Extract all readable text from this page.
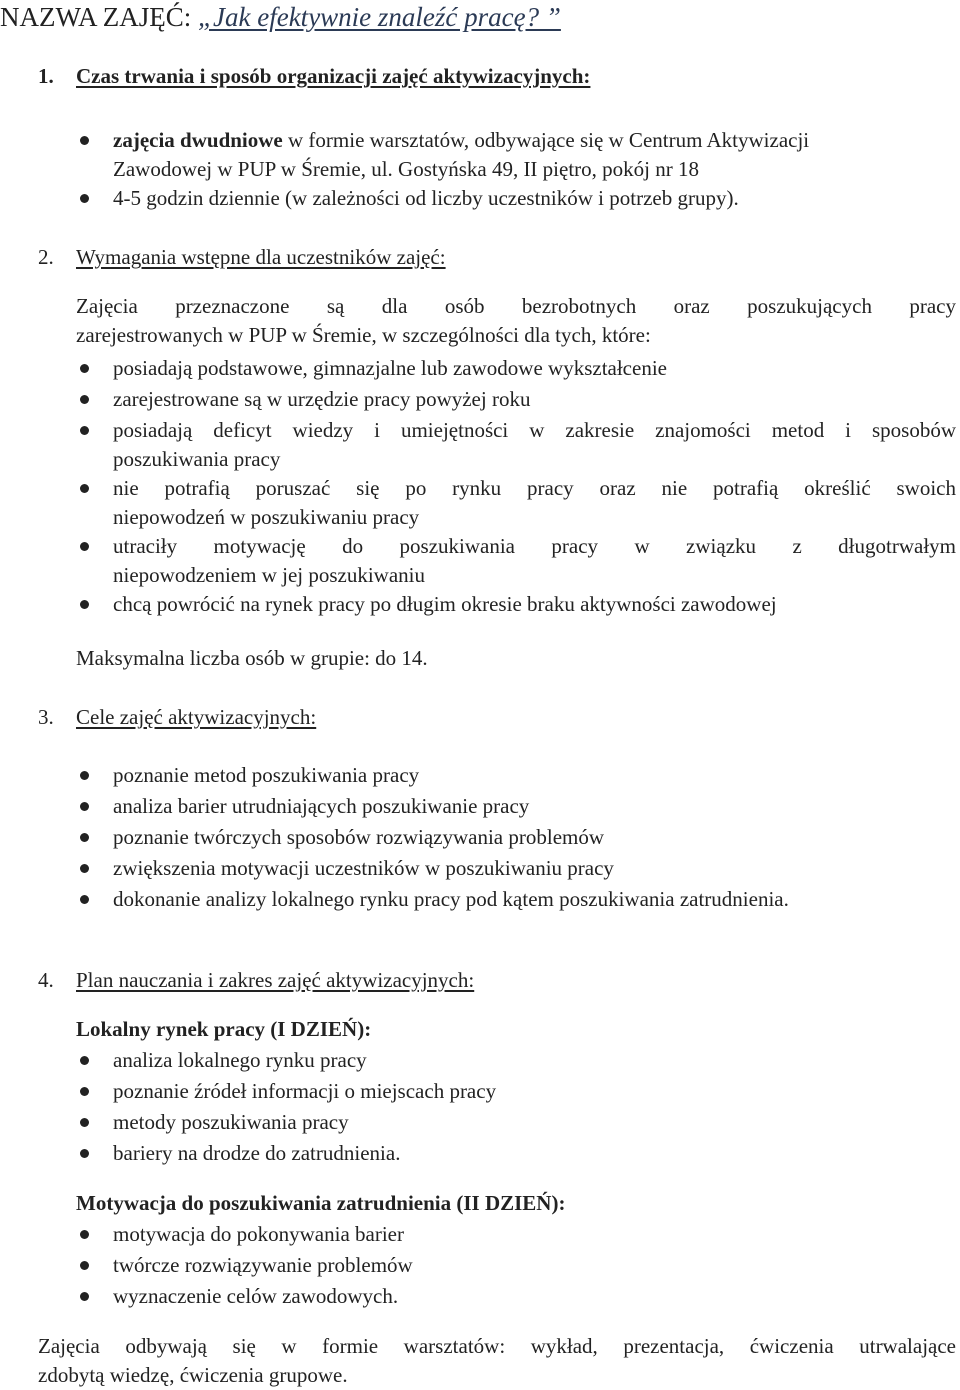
NAZWA ZAJĘĆ: „Jak efektywnie znaleźć pracę? ”
1. Czas trwania i sposób organizacji zajęć aktywizacyjnych:
zajęcia dwudniowe w formie warsztatów, odbywające się w Centrum Aktywizacji
Zawodowej w PUP w Śremie, ul. Gostyńska 49, II piętro, pokój nr 18
4-5 godzin dziennie (w zależności od liczby uczestników i potrzeb grupy).
2. Wymagania wstępne dla uczestników zajęć:
Zajęcia przeznaczone są dla osób bezrobotnych oraz poszukujących pracy
zarejestrowanych w PUP w Śremie, w szczególności dla tych, które:
posiadają podstawowe, gimnazjalne lub zawodowe wykształcenie
zarejestrowane są w urzędzie pracy powyżej roku
posiadają deficyt wiedzy i umiejętności w zakresie znajomości metod i sposobów
poszukiwania pracy
nie potrafią poruszać się po rynku pracy oraz nie potrafią określić swoich
niepowodzeń w poszukiwaniu pracy
utraciły motywację do poszukiwania pracy w związku z długotrwałym
niepowodzeniem w jej poszukiwaniu
chcą powrócić na rynek pracy po długim okresie braku aktywności zawodowej
Maksymalna liczba osób w grupie: do 14.
3. Cele zajęć aktywizacyjnych:
poznanie metod poszukiwania pracy
analiza barier utrudniających poszukiwanie pracy
poznanie twórczych sposobów rozwiązywania problemów
zwiększenia motywacji uczestników w poszukiwaniu pracy
dokonanie analizy lokalnego rynku pracy pod kątem poszukiwania zatrudnienia.
4. Plan nauczania i zakres zajęć aktywizacyjnych:
Lokalny rynek pracy (I DZIEŃ):
analiza lokalnego rynku pracy
poznanie źródeł informacji o miejscach pracy
metody poszukiwania pracy
bariery na drodze do zatrudnienia.
Motywacja do poszukiwania zatrudnienia (II DZIEŃ):
motywacja do pokonywania barier
twórcze rozwiązywanie problemów
wyznaczenie celów zawodowych.
Zajęcia odbywają się w formie warsztatów: wykład, prezentacja, ćwiczenia utrwalające
zdobytą wiedzę, ćwiczenia grupowe.
